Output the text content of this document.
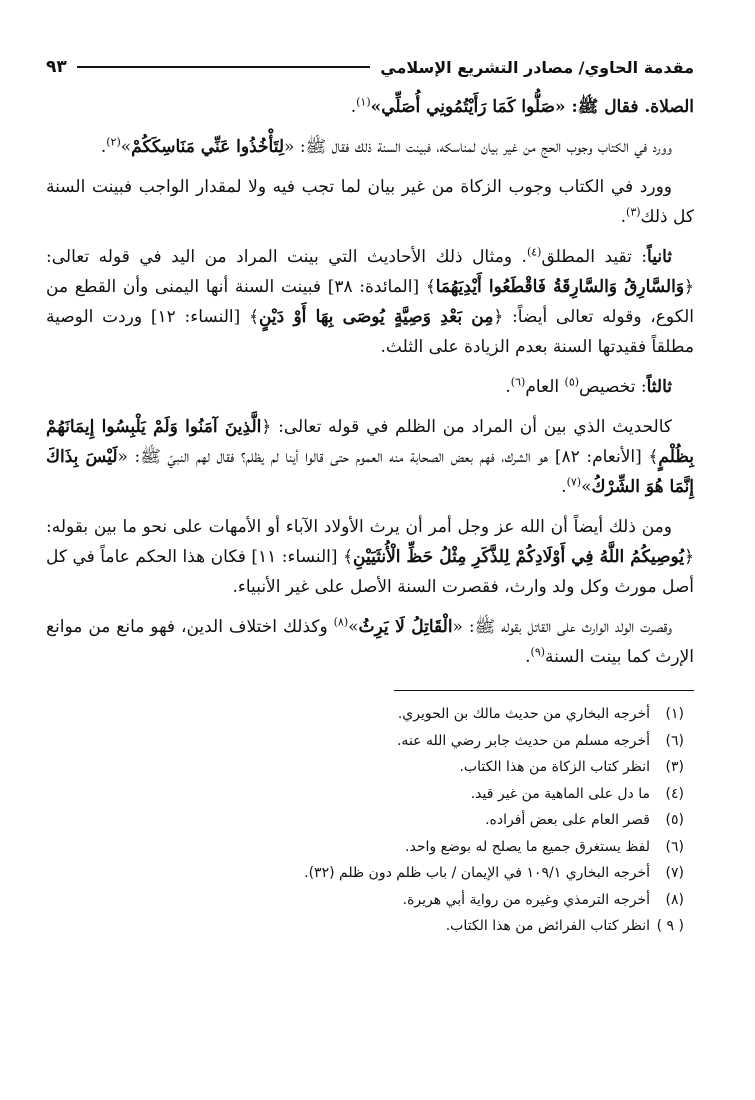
مقدمة الحاوي/ مصادر التشريع الإسلامي
٩٣

الصلاة. فقال ﷺ: «صَلُّوا كَمَا رَأَيْتُمُونِي أُصَلِّي»$^{(١)}$.

وورد في الكتاب وجوب الحج من غير بيان لمناسكه، فبينت السنة ذلك فقال ﷺ: «لِتَأْخُذُوا عَنِّي مَنَاسِكَكُمْ»$^{(٢)}$.

وورد في الكتاب وجوب الزكاة من غير بيان لما تجب فيه ولا لمقدار الواجب فبينت السنة كل ذلك$^{(٣)}$.

ثانياً: تقيد المطلق$^{(٤)}$. ومثال ذلك الأحاديث التي بينت المراد من اليد في قوله تعالى: ﴿وَالسَّارِقُ وَالسَّارِقَةُ فَاقْطَعُوا أَيْدِيَهُمَا﴾ [المائدة: ٣٨] فبينت السنة أنها اليمنى وأن القطع من الكوع، وقوله تعالى أيضاً: ﴿مِن بَعْدِ وَصِيَّةٍ يُوصَى بِهَا أَوْ دَيْنٍ﴾ [النساء: ١٢] وردت الوصية مطلقاً فقيدتها السنة بعدم الزيادة على الثلث.

ثالثاً: تخصيص$^{(٥)}$ العام$^{(٦)}$.

كالحديث الذي بين أن المراد من الظلم في قوله تعالى: ﴿الَّذِينَ آمَنُوا وَلَمْ يَلْبِسُوا إِيمَانَهُمْ بِظُلْمٍ﴾ [الأنعام: ٨٢] هو الشرك، فهم بعض الصحابة منه العموم حتى قالوا أينا لم يظلم؟ فقال لهم النبيّ ﷺ: «لَيْسَ بِذَاكَ إِنَّمَا هُوَ الشِّرْكُ»$^{(٧)}$.

ومن ذلك أيضاً أن الله عز وجل أمر أن يرث الأولاد الآباء أو الأمهات على نحو ما بين بقوله: ﴿يُوصِيكُمُ اللَّهُ فِي أَوْلَادِكُمْ لِلذَّكَرِ مِثْلُ حَظِّ الْأُنثَيَيْنِ﴾ [النساء: ١١] فكان هذا الحكم عاماً في كل أصل مورث وكل ولد وارث، فقصرت السنة الأصل على غير الأنبياء.

وقصرت الولد الوارث على القاتل بقوله ﷺ: «الْقَاتِلُ لَا يَرِثُ»$^{(٨)}$ وكذلك اختلاف الدين، فهو مانع من موانع الإرث كما بينت السنة$^{(٩)}$.

(١)
أخرجه البخاري من حديث مالك بن الحويري.
(٦)
أخرجه مسلم من حديث جابر رضي الله عنه.
(٣)
انظر كتاب الزكاة من هذا الكتاب.
(٤)
ما دل على الماهية من غير قيد.
(٥)
قصر العام على بعض أفراده.
(٦)
لفظ يستغرق جميع ما يصلح له بوضع واحد.
(٧)
أخرجه البخاري ١٠٩/١ في الإيمان / باب ظلم دون ظلم (٣٢).
(٨)
أخرجه الترمذي وغيره من رواية أبي هريرة.
( ٩ )
انظر كتاب الفرائض من هذا الكتاب.
